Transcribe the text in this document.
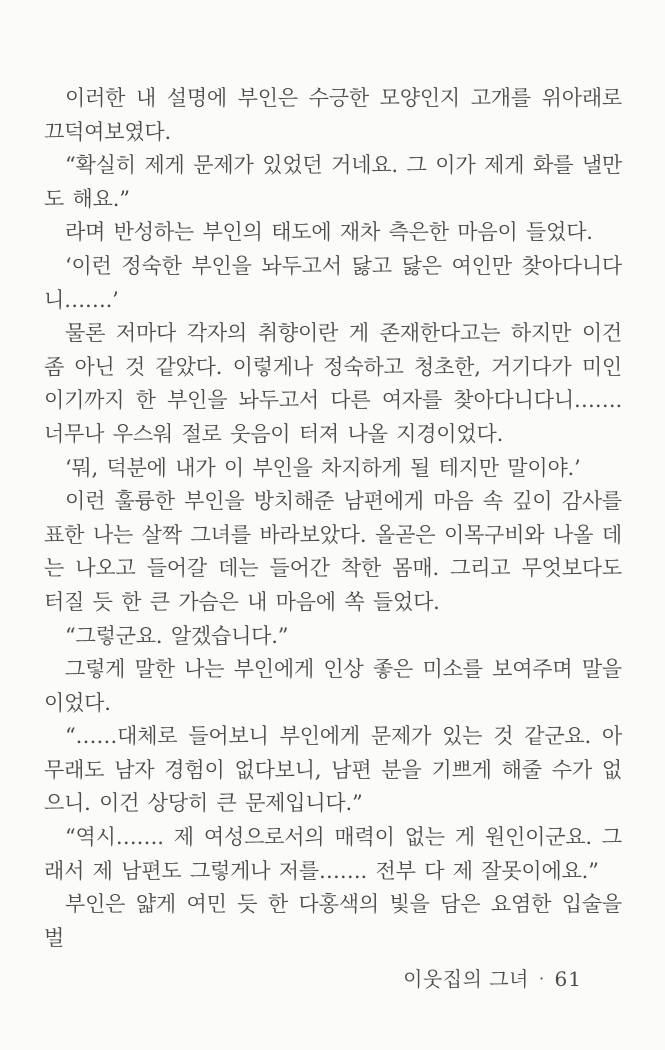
이러한 내 설명에 부인은 수긍한 모양인지 고개를 위아래로 끄덕여보였다.

“확실히 제게 문제가 있었던 거네요. 그 이가 제게 화를 낼만도 해요.”

라며 반성하는 부인의 태도에 재차 측은한 마음이 들었다.

‘이런 정숙한 부인을 놔두고서 닳고 닳은 여인만 찾아다니다니…….’

물론 저마다 각자의 취향이란 게 존재한다고는 하지만 이건 좀 아닌 것 같았다. 이렇게나 정숙하고 청초한, 거기다가 미인이기까지 한 부인을 놔두고서 다른 여자를 찾아다니다니……. 너무나 우스워 절로 웃음이 터져 나올 지경이었다.

‘뭐, 덕분에 내가 이 부인을 차지하게 될 테지만 말이야.’

이런 훌륭한 부인을 방치해준 남편에게 마음 속 깊이 감사를 표한 나는 살짝 그녀를 바라보았다. 올곧은 이목구비와 나올 데는 나오고 들어갈 데는 들어간 착한 몸매. 그리고 무엇보다도 터질 듯 한 큰 가슴은 내 마음에 쏙 들었다.

“그렇군요. 알겠습니다.”

그렇게 말한 나는 부인에게 인상 좋은 미소를 보여주며 말을 이었다.

“……대체로 들어보니 부인에게 문제가 있는 것 같군요. 아무래도 남자 경험이 없다보니, 남편 분을 기쁘게 해줄 수가 없으니. 이건 상당히 큰 문제입니다.”

“역시……. 제 여성으로서의 매력이 없는 게 원인이군요. 그래서 제 남편도 그렇게나 저를……. 전부 다 제 잘못이에요.”

부인은 얇게 여민 듯 한 다홍색의 빛을 담은 요염한 입술을 벌

이웃집의 그녀 · 61
